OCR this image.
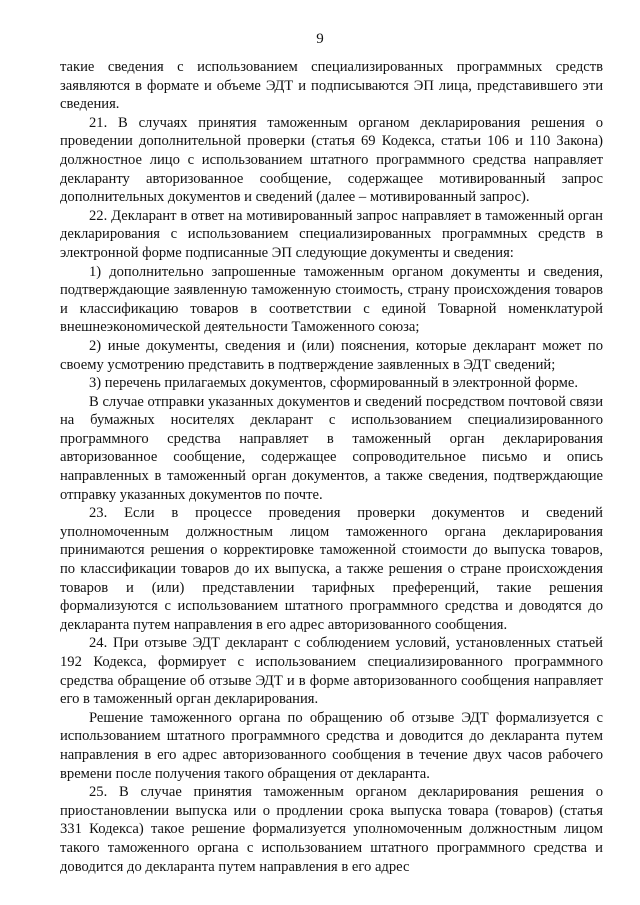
9

такие сведения с использованием специализированных программных средств заявляются в формате и объеме ЭДТ и подписываются ЭП лица, представившего эти сведения.

21. В случаях принятия таможенным органом декларирования решения о проведении дополнительной проверки (статья 69 Кодекса, статьи 106 и 110 Закона) должностное лицо с использованием штатного программного средства направляет декларанту авторизованное сообщение, содержащее мотивированный запрос дополнительных документов и сведений (далее – мотивированный запрос).

22. Декларант в ответ на мотивированный запрос направляет в таможенный орган декларирования с использованием специализированных программных средств в электронной форме подписанные ЭП следующие документы и сведения:

1) дополнительно запрошенные таможенным органом документы и сведения, подтверждающие заявленную таможенную стоимость, страну происхождения товаров и классификацию товаров в соответствии с единой Товарной номенклатурой внешнеэкономической деятельности Таможенного союза;

2) иные документы, сведения и (или) пояснения, которые декларант может по своему усмотрению представить в подтверждение заявленных в ЭДТ сведений;

3) перечень прилагаемых документов, сформированный в электронной форме.

В случае отправки указанных документов и сведений посредством почтовой связи на бумажных носителях декларант с использованием специализированного программного средства направляет в таможенный орган декларирования авторизованное сообщение, содержащее сопроводительное письмо и опись направленных в таможенный орган документов, а также сведения, подтверждающие отправку указанных документов по почте.

23. Если в процессе проведения проверки документов и сведений уполномоченным должностным лицом таможенного органа декларирования принимаются решения о корректировке таможенной стоимости до выпуска товаров, по классификации товаров до их выпуска, а также решения о стране происхождения товаров и (или) представлении тарифных преференций, такие решения формализуются с использованием штатного программного средства и доводятся до декларанта путем направления в его адрес авторизованного сообщения.

24. При отзыве ЭДТ декларант с соблюдением условий, установленных статьей 192 Кодекса, формирует с использованием специализированного программного средства обращение об отзыве ЭДТ и в форме авторизованного сообщения направляет его в таможенный орган декларирования.

Решение таможенного органа по обращению об отзыве ЭДТ формализуется с использованием штатного программного средства и доводится до декларанта путем направления в его адрес авторизованного сообщения в течение двух часов рабочего времени после получения такого обращения от декларанта.

25. В случае принятия таможенным органом декларирования решения о приостановлении выпуска или о продлении срока выпуска товара (товаров) (статья 331 Кодекса) такое решение формализуется уполномоченным должностным лицом такого таможенного органа с использованием штатного программного средства и доводится до декларанта путем направления в его адрес
